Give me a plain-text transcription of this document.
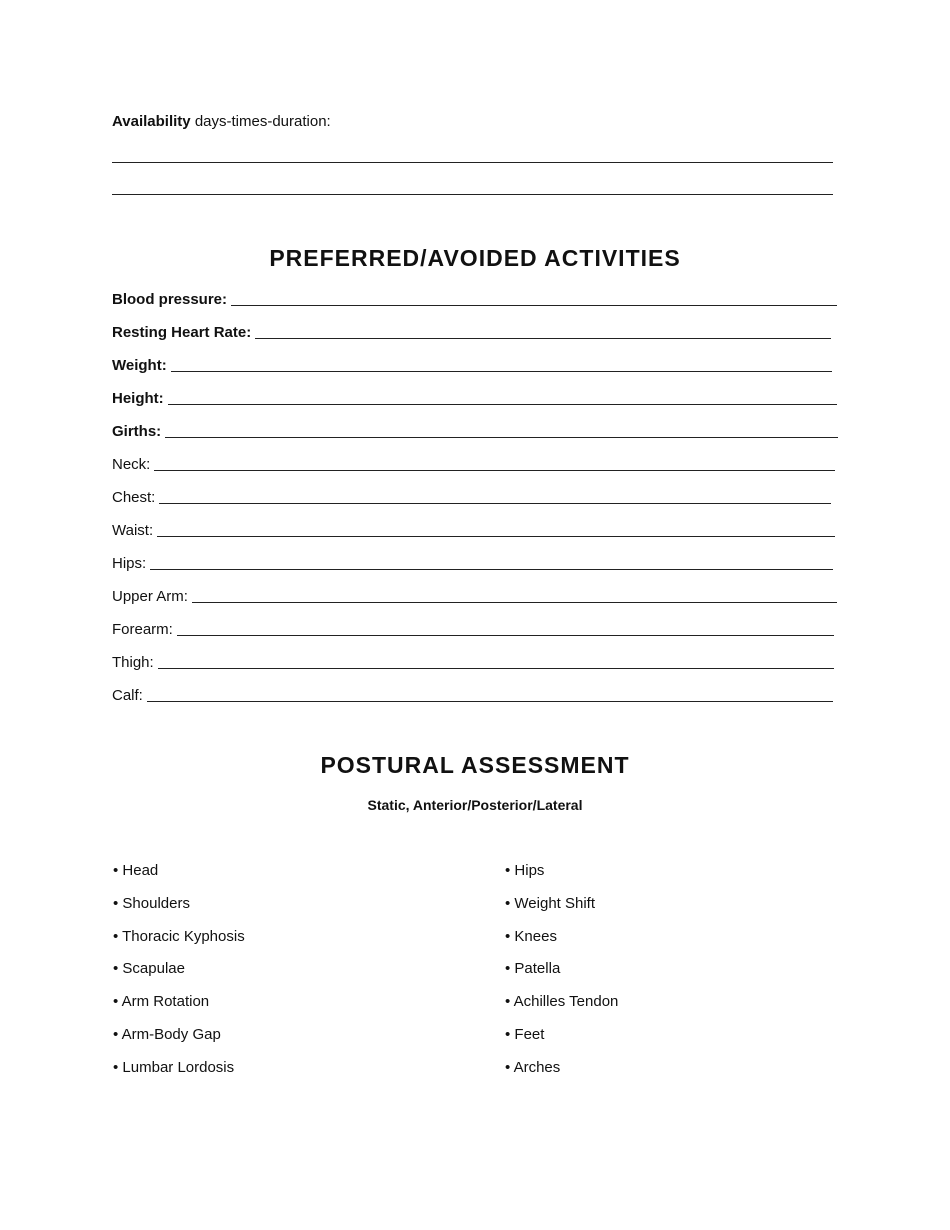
Availability days-times-duration:
PREFERRED/AVOIDED ACTIVITIES
Blood pressure:
Resting Heart Rate:
Weight:
Height:
Girths:
Neck:
Chest:
Waist:
Hips:
Upper Arm:
Forearm:
Thigh:
Calf:
POSTURAL ASSESSMENT
Static, Anterior/Posterior/Lateral
• Head
• Shoulders
• Thoracic Kyphosis
• Scapulae
• Arm Rotation
• Arm-Body Gap
• Lumbar Lordosis
• Hips
• Weight Shift
• Knees
• Patella
• Achilles Tendon
• Feet
• Arches
